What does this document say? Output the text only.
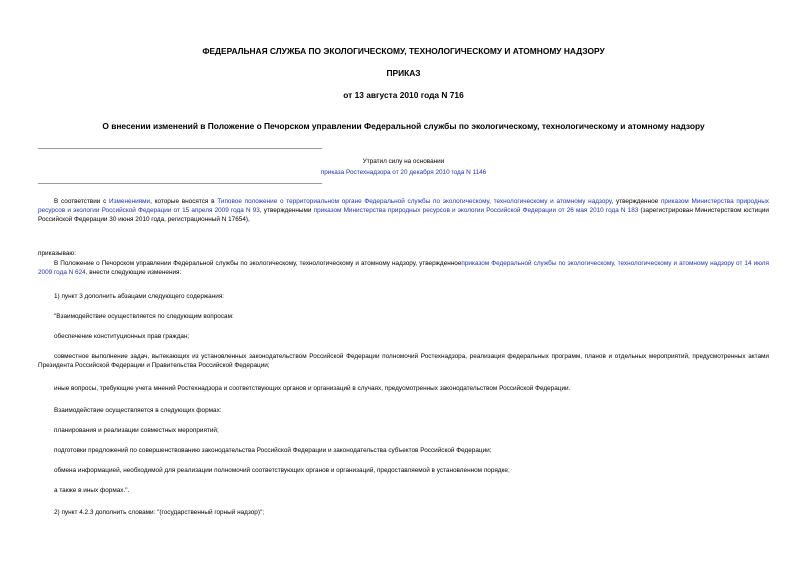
ФЕДЕРАЛЬНАЯ СЛУЖБА ПО ЭКОЛОГИЧЕСКОМУ, ТЕХНОЛОГИЧЕСКОМУ И АТОМНОМУ НАДЗОРУ
ПРИКАЗ
от 13 августа 2010 года N 716
О внесении изменений в Положение о Печорском управлении Федеральной службы по экологическому, технологическому и атомному надзору
Утратил силу на основании
приказа Ростехнадзора от 20 декабря 2010 года N 1146
В соответствии с Изменениями, которые вносятся в Типовое положение о территориальном органе Федеральной службы по экологическому, технологическому и атомному надзору, утвержденное приказом Министерства природных ресурсов и экологии Российской Федерации от 15 апреля 2009 года N 93, утвержденными приказом Министерства природных ресурсов и экологии Российской Федерации от 26 мая 2010 года N 183 (зарегистрирован Министерством юстиции Российской Федерации 30 июня 2010 года, регистрационный N 17654),
приказываю:
В Положение о Печорском управлении Федеральной службы по экологическому, технологическому и атомному надзору, утвержденноеприказом Федеральной службы по экологическому, технологическому и атомному надзору от 14 июля 2009 года N 624, внести следующие изменения:
1) пункт 3 дополнить абзацами следующего содержания:
"Взаимодействие осуществляется по следующим вопросам:
обеспечение конституционных прав граждан;
совместное выполнение задач, вытекающих из установленных законодательством Российской Федерации полномочий Ростехнадзора, реализация федеральных программ, планов и отдельных мероприятий, предусмотренных актами Президента Российской Федерации и Правительства Российской Федерации;
иные вопросы, требующие учета мнений Ростехнадзора и соответствующих органов и организаций в случаях, предусмотренных законодательством Российской Федерации.
Взаимодействие осуществляется в следующих формах:
планирования и реализации совместных мероприятий;
подготовки предложений по совершенствованию законодательства Российской Федерации и законодательства субъектов Российской Федерации;
обмена информацией, необходимой для реализации полномочий соответствующих органов и организаций, предоставляемой в установленном порядке;
а также в иных формах.".
2) пункт 4.2.3 дополнить словами: "(государственный горный надзор)";
